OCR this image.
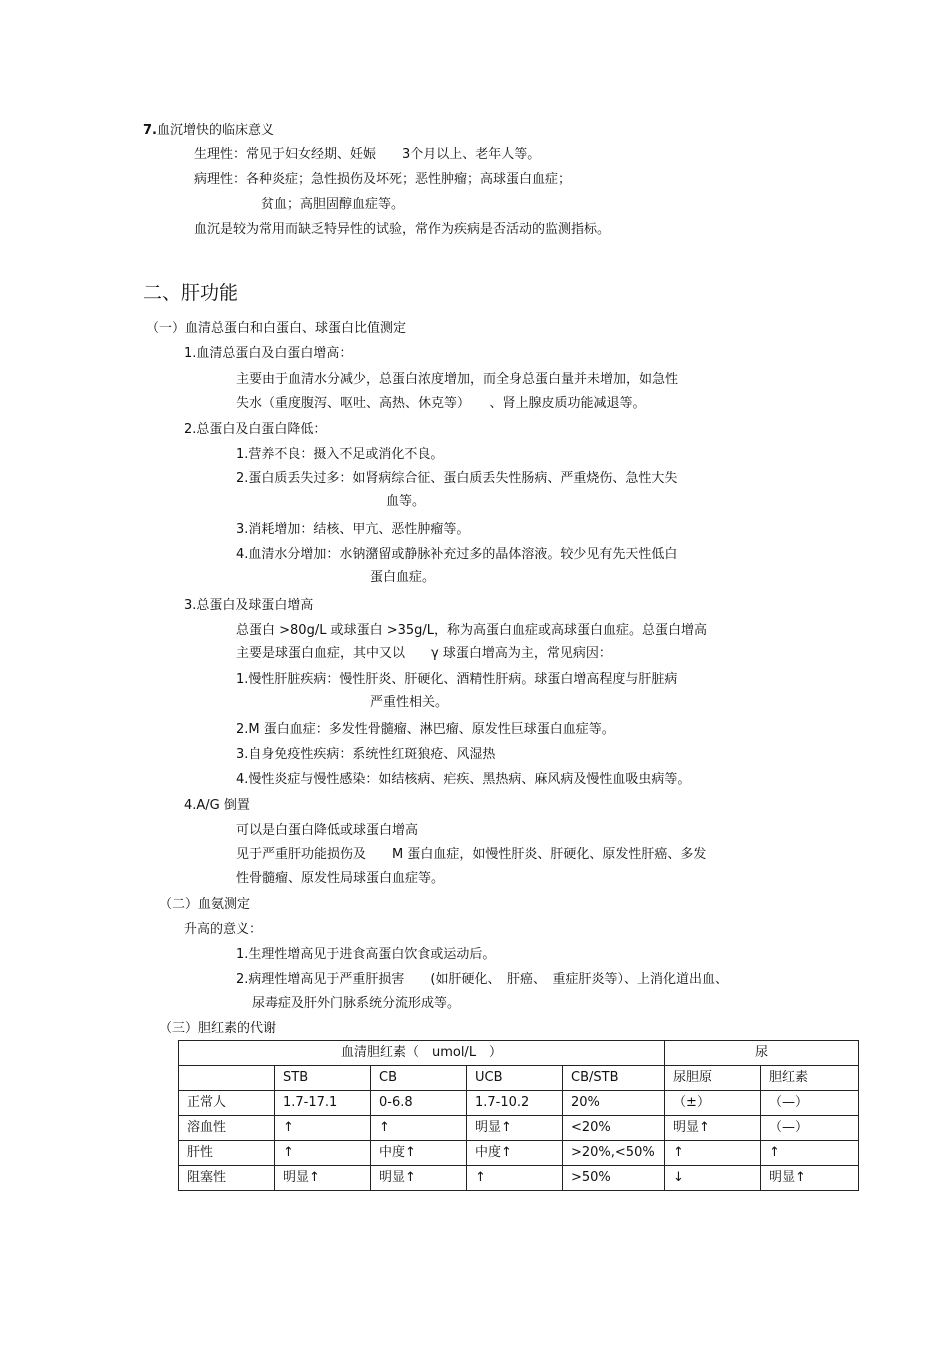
7.血沉增快的临床意义
生理性：常见于妇女经期、妊娠　　3个月以上、老年人等。
病理性：各种炎症；急性损伤及坏死；恶性肿瘤；高球蛋白血症；
贫血；高胆固醇血症等。
血沉是较为常用而缺乏特异性的试验，常作为疾病是否活动的监测指标。
二、肝功能
（一）血清总蛋白和白蛋白、球蛋白比值测定
1.血清总蛋白及白蛋白增高：
主要由于血清水分减少，总蛋白浓度增加，而全身总蛋白量并未增加，如急性
失水（重度腹泻、呕吐、高热、休克等）　　、肾上腺皮质功能减退等。
2.总蛋白及白蛋白降低：
1.营养不良：摄入不足或消化不良。
2.蛋白质丢失过多：如肾病综合征、蛋白质丢失性肠病、严重烧伤、急性大失
血等。
3.消耗增加：结核、甲亢、恶性肿瘤等。
4.血清水分增加：水钠潴留或静脉补充过多的晶体溶液。较少见有先天性低白
蛋白血症。
3.总蛋白及球蛋白增高
总蛋白 >80g/L 或球蛋白 >35g/L，称为高蛋白血症或高球蛋白血症。总蛋白增高
主要是球蛋白血症，其中又以　　γ 球蛋白增高为主，常见病因：
1.慢性肝脏疾病：慢性肝炎、肝硬化、酒精性肝病。球蛋白增高程度与肝脏病
严重性相关。
2.M 蛋白血症：多发性骨髓瘤、淋巴瘤、原发性巨球蛋白血症等。
3.自身免疫性疾病：系统性红斑狼疮、风湿热
4.慢性炎症与慢性感染：如结核病、疟疾、黑热病、麻风病及慢性血吸虫病等。
4.A/G 倒置
可以是白蛋白降低或球蛋白增高
见于严重肝功能损伤及　　M 蛋白血症，如慢性肝炎、肝硬化、原发性肝癌、多发
性骨髓瘤、原发性局球蛋白血症等。
（二）血氨测定
升高的意义：
1.生理性增高见于进食高蛋白饮食或运动后。
2.病理性增高见于严重肝损害　　(如肝硬化、　肝癌、　重症肝炎等）、上消化道出血、
尿毒症及肝外门脉系统分流形成等。
（三）胆红素的代谢
血清胆红素（　umol/L　）					尿	
	STB	CB	UCB	CB/STB	尿胆原	胆红素
正常人	1.7-17.1	0-6.8	1.7-10.2	20%	（±）	（—）
溶血性	↑	↑	明显↑	<20%	明显↑	（—）
肝性	↑	中度↑	中度↑	>20%,<50%	↑	↑
阻塞性	明显↑	明显↑	↑	>50%	↓	明显↑
